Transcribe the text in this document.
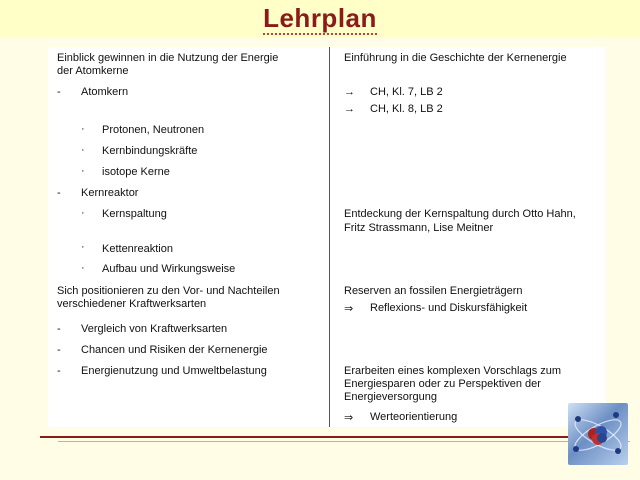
Lehrplan
Einblick gewinnen in die Nutzung der Energie
der Atomkerne
- Atomkern
· Protonen, Neutronen
· Kernbindungskräfte
· isotope Kerne
- Kernreaktor
· Kernspaltung
· Kettenreaktion
· Aufbau und Wirkungsweise
Sich positionieren zu den Vor- und Nachteilen
verschiedener Kraftwerksarten
- Vergleich von Kraftwerksarten
- Chancen und Risiken der Kernenergie
- Energienutzung und Umweltbelastung
Einführung in die Geschichte der Kernenergie
→ CH, Kl. 7, LB 2
→ CH, Kl. 8, LB 2
Entdeckung der Kernspaltung durch Otto Hahn,
Fritz Strassmann, Lise Meitner
Reserven an fossilen Energieträgern
⇒ Reflexions- und Diskursfähigkeit
Erarbeiten eines komplexen Vorschlags zum
Energiesparen oder zu Perspektiven der
Energieversorgung
⇒ Werteorientierung
